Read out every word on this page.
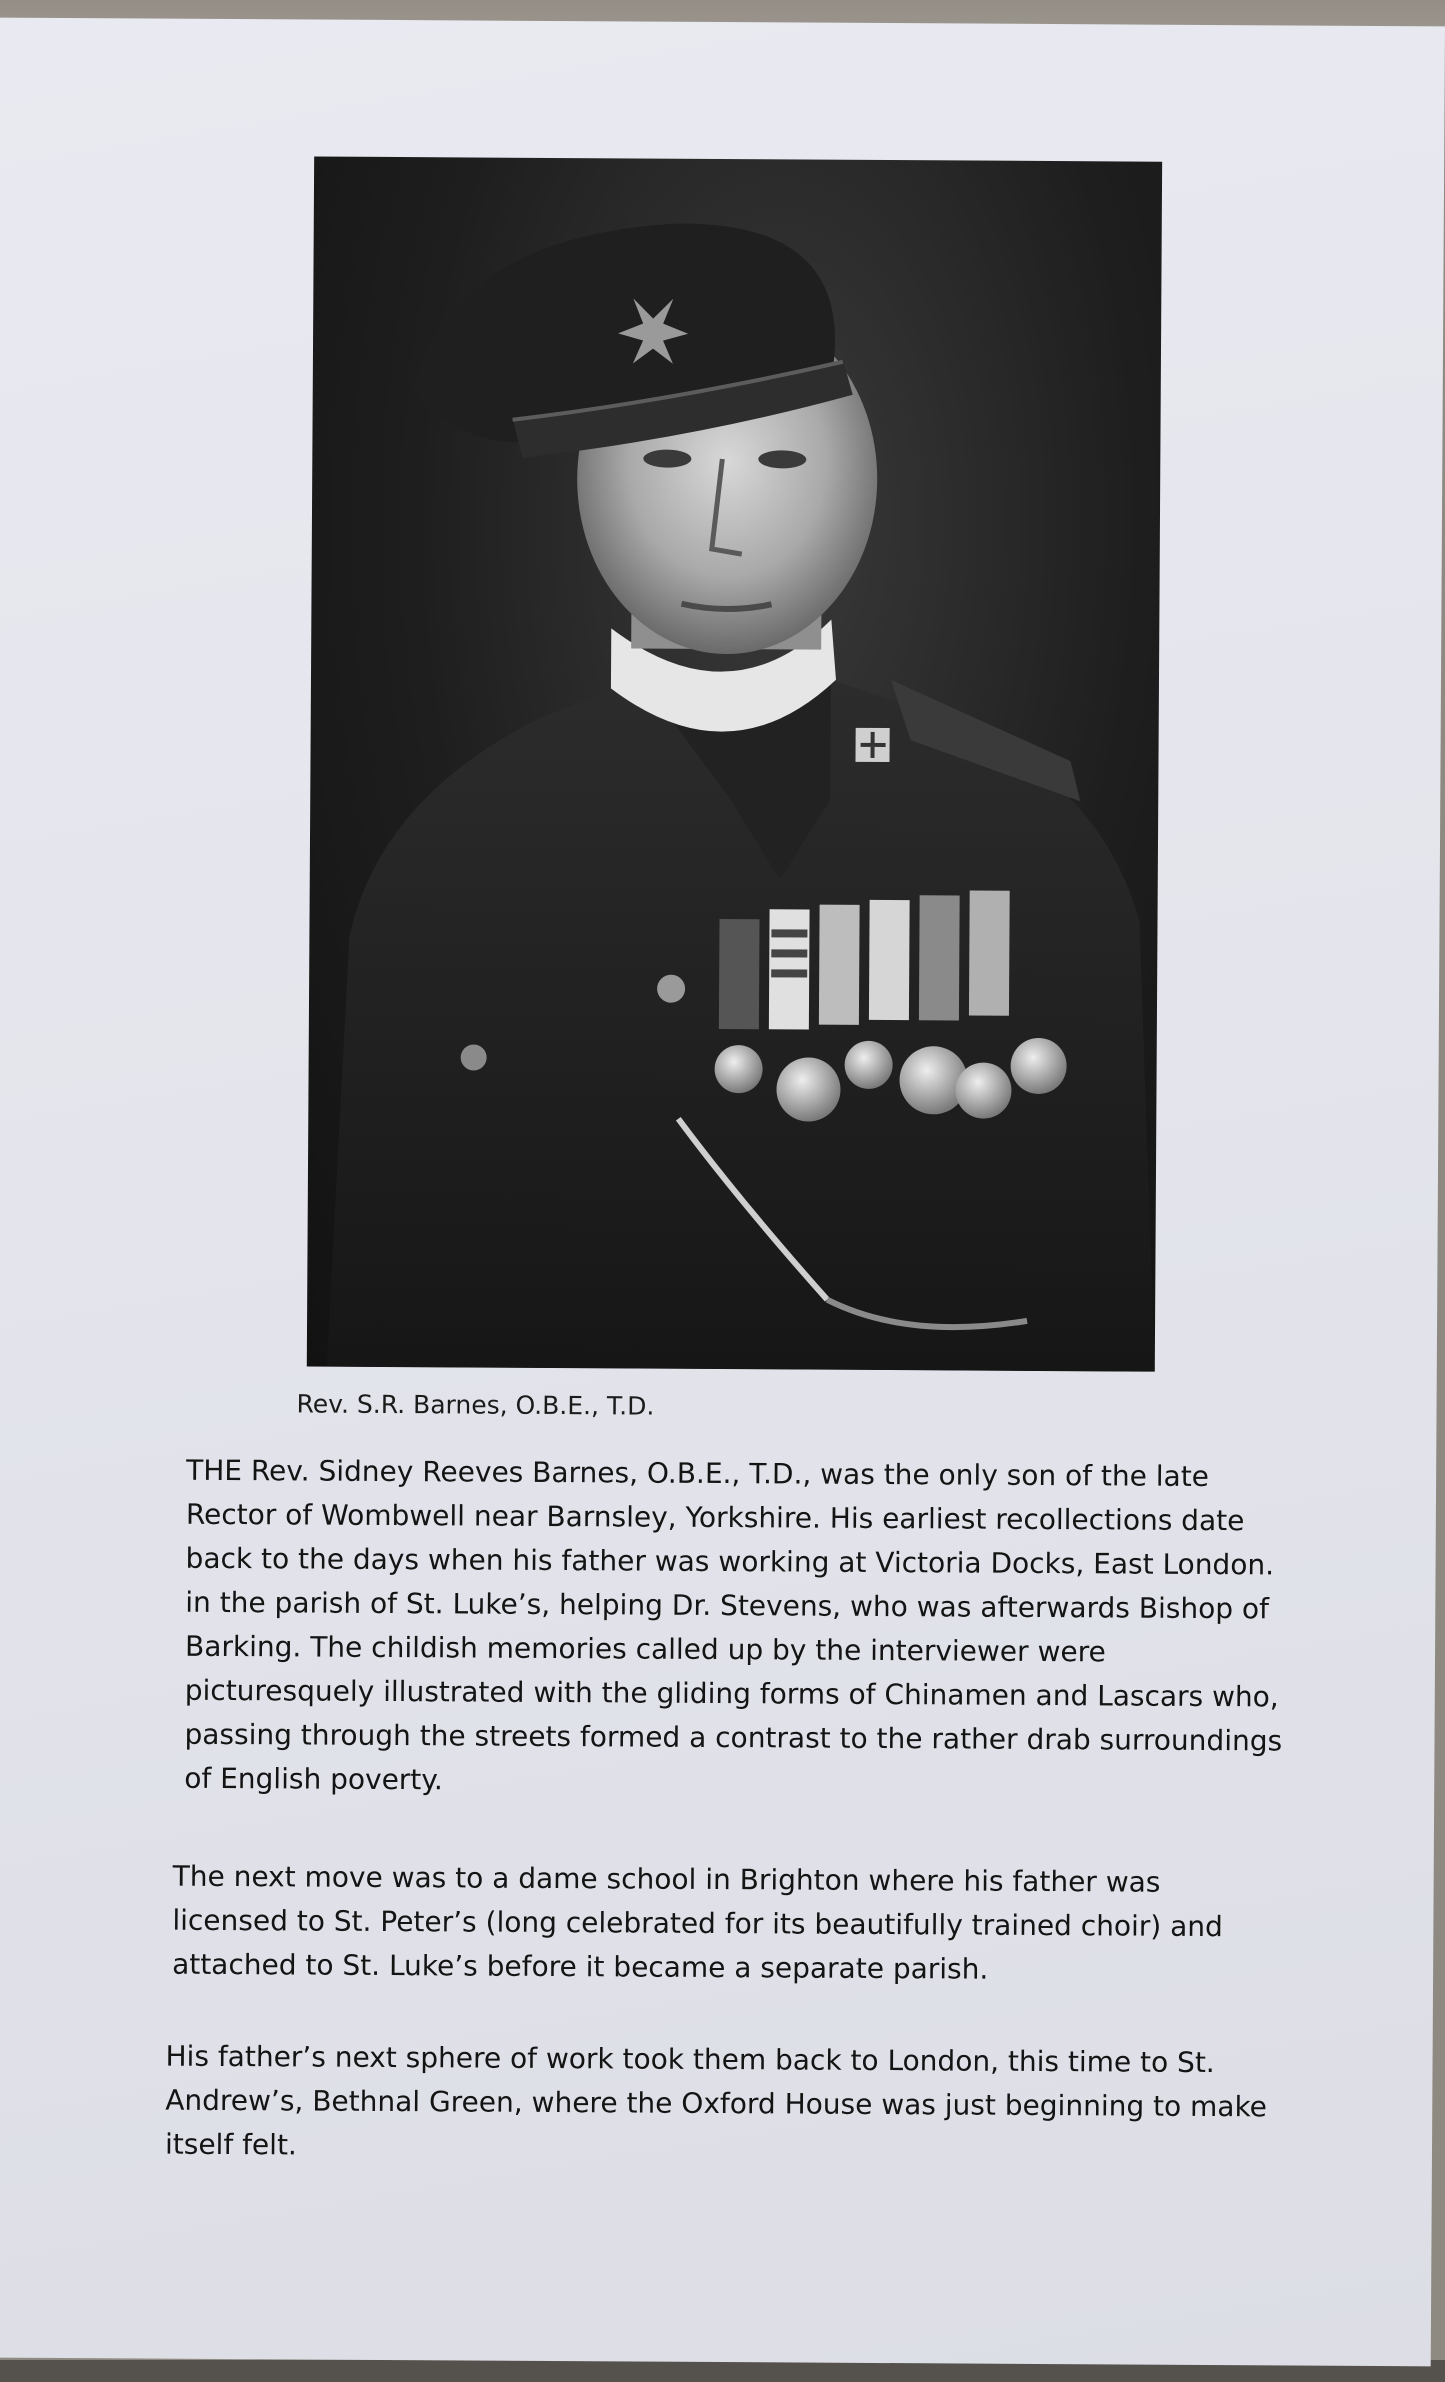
Rev. S.R. Barnes, O.B.E., T.D.
THE Rev. Sidney Reeves Barnes, O.B.E., T.D., was the only son of the late
Rector of Wombwell near Barnsley, Yorkshire. His earliest recollections date
back to the days when his father was working at Victoria Docks, East London.
in the parish of St. Luke’s, helping Dr. Stevens, who was afterwards Bishop of
Barking. The childish memories called up by the interviewer were
picturesquely illustrated with the gliding forms of Chinamen and Lascars who,
passing through the streets formed a contrast to the rather drab surroundings
of English poverty.
The next move was to a dame school in Brighton where his father was
licensed to St. Peter’s (long celebrated for its beautifully trained choir) and
attached to St. Luke’s before it became a separate parish.
His father’s next sphere of work took them back to London, this time to St.
Andrew’s, Bethnal Green, where the Oxford House was just beginning to make
itself felt.
